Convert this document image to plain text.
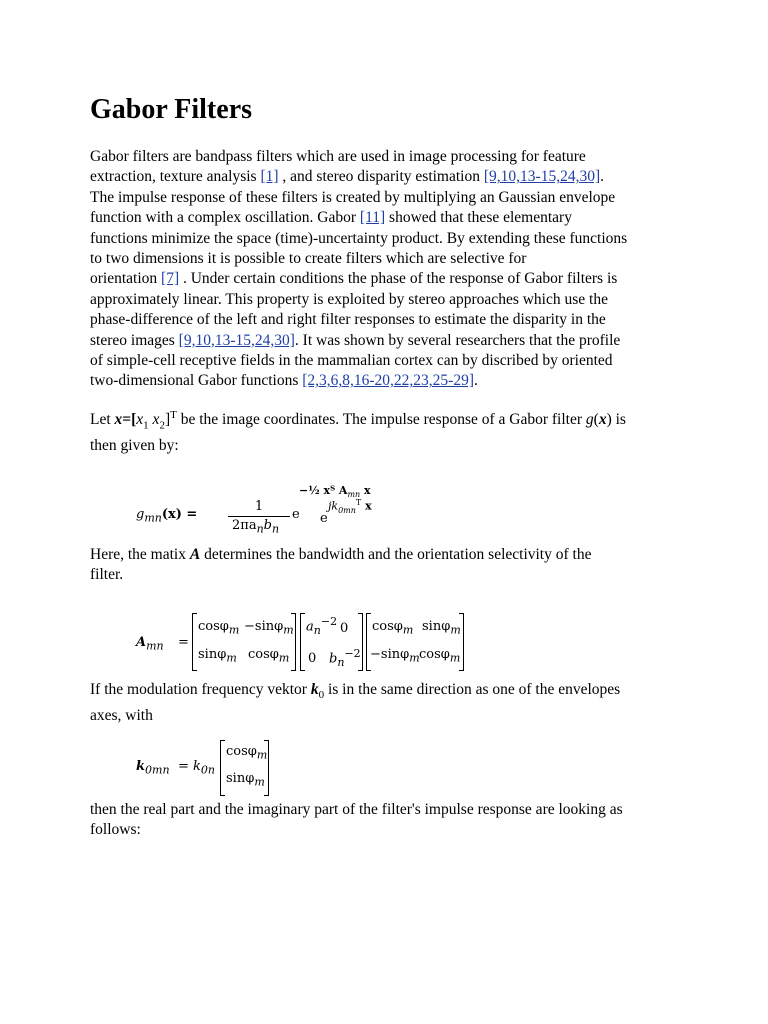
Gabor Filters
Gabor filters are bandpass filters which are used in image processing for feature
extraction, texture analysis [1] , and stereo disparity estimation [9,10,13-15,24,30].
The impulse response of these filters is created by multiplying an Gaussian envelope
function with a complex oscillation. Gabor [11] showed that these elementary
functions minimize the space (time)-uncertainty product. By extending these functions
to two dimensions it is possible to create filters which are selective for
orientation [7] . Under certain conditions the phase of the response of Gabor filters is
approximately linear. This property is exploited by stereo approaches which use the
phase-difference of the left and right filter responses to estimate the disparity in the
stereo images [9,10,13-15,24,30]. It was shown by several researchers that the profile
of simple-cell receptive fields in the mammalian cortex can by discribed by oriented
two-dimensional Gabor functions [2,3,6,8,16-20,22,23,25-29].
Let $x=[x_1$ $x_2]^T$ be the image coordinates. The impulse response of a Gabor filter g(x) is
then given by:
$g_{mn}(x)$ =
1
$2\pi a_nb_n$
e
−½ xᵀ $A_{mn}$ x
e
$jk_{0mn}^T$ x
Here, the matix A determines the bandwidth and the orientation selectivity of the
filter.
$A_{mn}$ =
cosφ$_m$ −sinφ$_m$
sinφ$_m$ cosφ$_m$
$a_n^{-2}$ 0
0 $b_n^{-2}$
cosφ$_m$ sinφ$_m$
−sinφ$_m$ cosφ$_m$
If the modulation frequency vektor $k_0$ is in the same direction as one of the envelopes
axes, with
$k_{0mn} = k_{0n}$
cosφ$_m$
sinφ$_m$
then the real part and the imaginary part of the filter's impulse response are looking as
follows:
